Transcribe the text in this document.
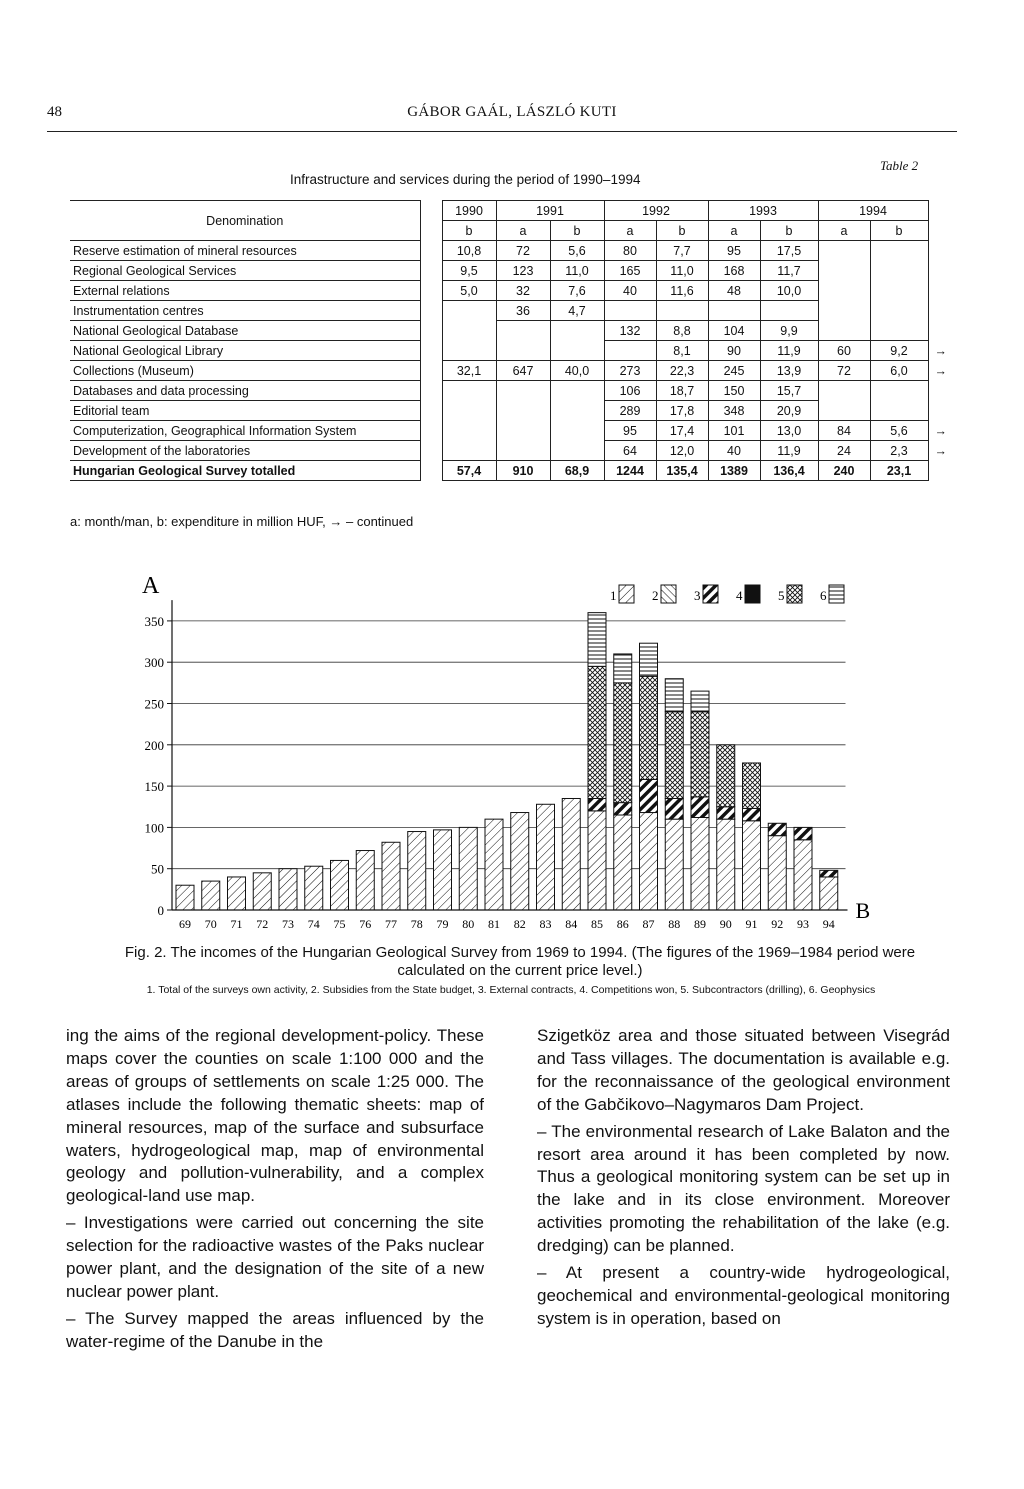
48	GÁBOR GAÁL, LÁSZLÓ KUTI
Table 2
Infrastructure and services during the period of 1990–1994
Denomination		1990	1991		1992		1993		1994		
		b	a	b	a	b	a	b	a	b	
Reserve estimation of mineral resources		10,8	72	5,6	80	7,7	95	17,5			
Regional Geological Services		9,5	123	11,0	165	11,0	168	11,7			
External relations		5,0	32	7,6	40	11,6	48	10,0			
Instrumentation centres			36	4,7							
National Geological Database					132	8,8	104	9,9			
National Geological Library						8,1	90	11,9	60	9,2	→
Collections (Museum)		32,1	647	40,0	273	22,3	245	13,9	72	6,0	→
Databases and data processing					106	18,7	150	15,7			
Editorial team					289	17,8	348	20,9			
Computerization, Geographical Information System					95	17,4	101	13,0	84	5,6	→
Development of the laboratories					64	12,0	40	11,9	24	2,3	→
Hungarian Geological Survey totalled		57,4	910	68,9	1244	135,4	1389	136,4	240	23,1	
a: month/man, b: expenditure in million HUF, → – continued
0
50
100
150
200
250
300
350
A
B
69 70 71 72 73 74 75 76 77 78 79 80 81 82 83 84 85 86 87 88 89 90 91 92 93 94
1	2	3	4	5	6
Fig. 2. The incomes of the Hungarian Geological Survey from 1969 to 1994. (The figures of the 1969–1984 period were calculated on the current price level.)
1. Total of the surveys own activity, 2. Subsidies from the State budget, 3. External contracts, 4. Competitions won, 5. Subcontractors (drilling), 6. Geophysics

ing the aims of the regional development-policy. These maps cover the counties on scale 1:100 000 and the areas of groups of settlements on scale 1:25 000. The atlases include the following thematic sheets: map of mineral resources, map of the surface and subsurface waters, hydrogeological map, map of environmental geology and pollution-vulnerability, and a complex geological-land use map.

– Investigations were carried out concerning the site selection for the radioactive wastes of the Paks nuclear power plant, and the designation of the site of a new nuclear power plant.

– The Survey mapped the areas influenced by the water-regime of the Danube in the

Szigetköz area and those situated between Visegrád and Tass villages. The documentation is available e.g. for the reconnaissance of the geological environment of the Gabčikovo–Nagymaros Dam Project.

– The environmental research of Lake Balaton and the resort area around it has been completed by now. Thus a geological monitoring system can be set up in the lake and in its close environment. Moreover activities promoting the rehabilitation of the lake (e.g. dredging) can be planned.

– At present a country-wide hydrogeological, geochemical and environmental-geological monitoring system is in operation, based on
